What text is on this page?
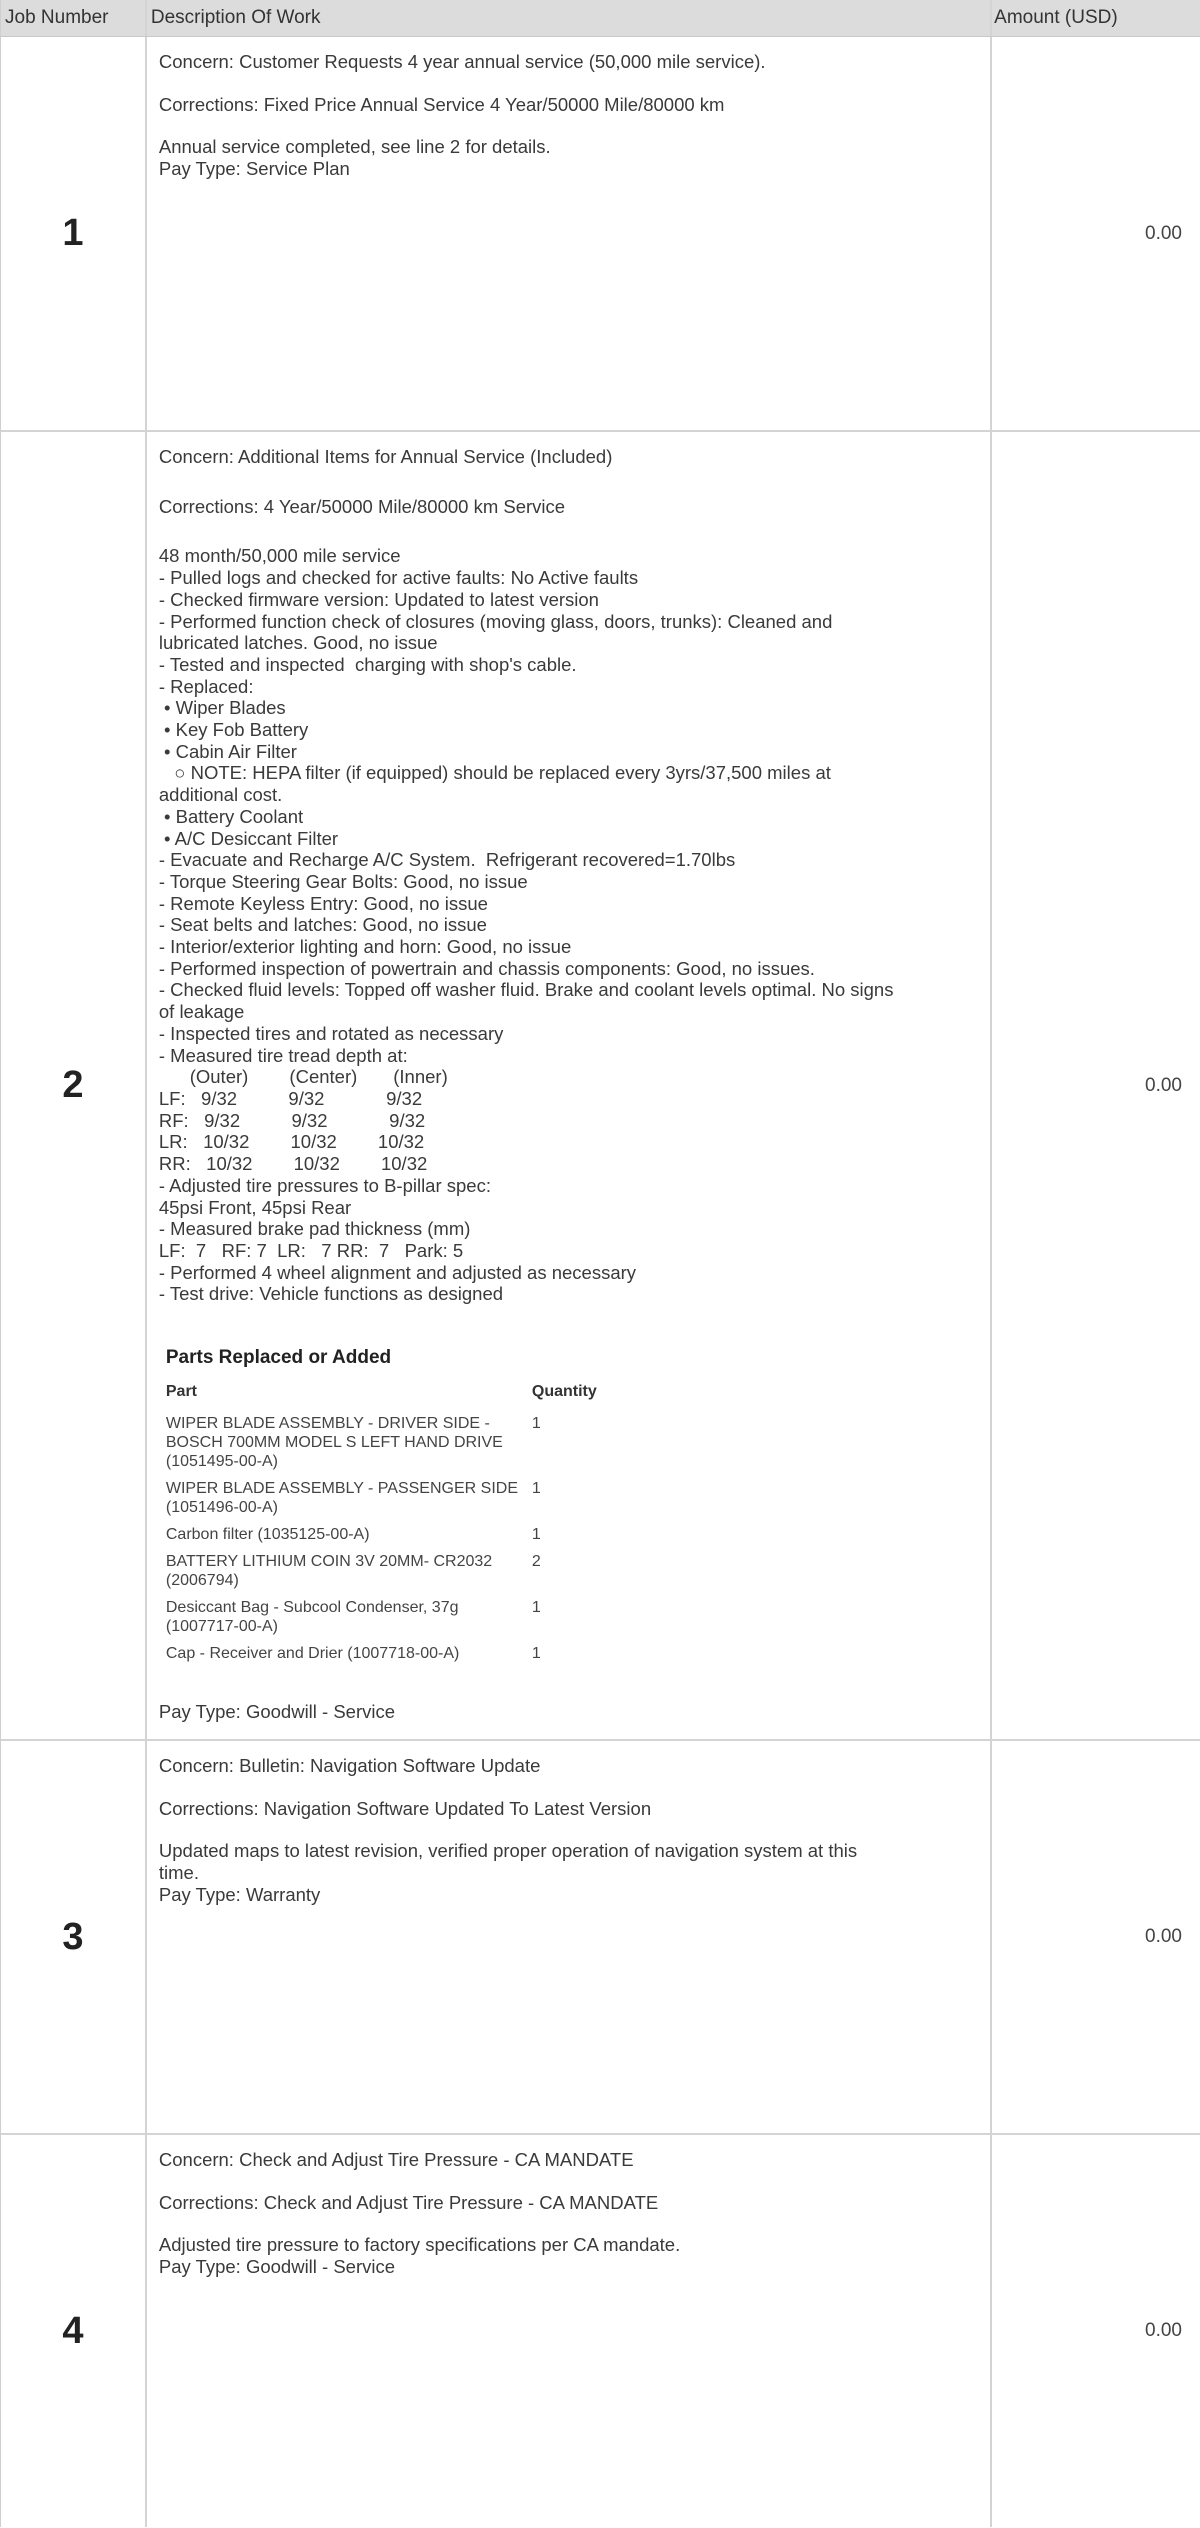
Job Number	Description Of Work	Amount (USD)
1

Concern: Customer Requests 4 year annual service (50,000 mile service).

Corrections: Fixed Price Annual Service 4 Year/50000 Mile/80000 km

Annual service completed, see line 2 for details.

Pay Type: Service Plan

0.00
2

Concern: Additional Items for Annual Service (Included)

Corrections: 4 Year/50000 Mile/80000 km Service

48 month/50,000 mile service
- Pulled logs and checked for active faults: No Active faults
- Checked firmware version: Updated to latest version
- Performed function check of closures (moving glass, doors, trunks): Cleaned and
lubricated latches. Good, no issue
- Tested and inspected  charging with shop's cable.
- Replaced:
• Wiper Blades
• Key Fob Battery
• Cabin Air Filter
○ NOTE: HEPA filter (if equipped) should be replaced every 3yrs/37,500 miles at
additional cost.
• Battery Coolant
• A/C Desiccant Filter
- Evacuate and Recharge A/C System.  Refrigerant recovered=1.70lbs
- Torque Steering Gear Bolts: Good, no issue
- Remote Keyless Entry: Good, no issue
- Seat belts and latches: Good, no issue
- Interior/exterior lighting and horn: Good, no issue
- Performed inspection of powertrain and chassis components: Good, no issues.
- Checked fluid levels: Topped off washer fluid. Brake and coolant levels optimal. No signs
of leakage
- Inspected tires and rotated as necessary
- Measured tire tread depth at:
(Outer)        (Center)       (Inner)
LF:   9/32          9/32            9/32
RF:   9/32          9/32            9/32
LR:   10/32        10/32        10/32
RR:   10/32        10/32        10/32
- Adjusted tire pressures to B-pillar spec:
45psi Front, 45psi Rear
- Measured brake pad thickness (mm)
LF:  7   RF: 7  LR:   7 RR:  7   Park: 5
- Performed 4 wheel alignment and adjusted as necessary
- Test drive: Vehicle functions as designed
Parts Replaced or Added
Part	Quantity
WIPER BLADE ASSEMBLY - DRIVER SIDE - BOSCH 700MM MODEL S LEFT HAND DRIVE (1051495-00-A)	1
WIPER BLADE ASSEMBLY - PASSENGER SIDE (1051496-00-A)	1
Carbon filter (1035125-00-A)	1
BATTERY LITHIUM COIN 3V 20MM- CR2032 (2006794)	2
Desiccant Bag - Subcool Condenser, 37g (1007717-00-A)	1
Cap - Receiver and Drier (1007718-00-A)	1

Pay Type: Goodwill - Service

0.00
3

Concern: Bulletin: Navigation Software Update

Corrections: Navigation Software Updated To Latest Version

Updated maps to latest revision, verified proper operation of navigation system at this

time.

Pay Type: Warranty

0.00
4

Concern: Check and Adjust Tire Pressure - CA MANDATE

Corrections: Check and Adjust Tire Pressure - CA MANDATE

Adjusted tire pressure to factory specifications per CA mandate.

Pay Type: Goodwill - Service

0.00
